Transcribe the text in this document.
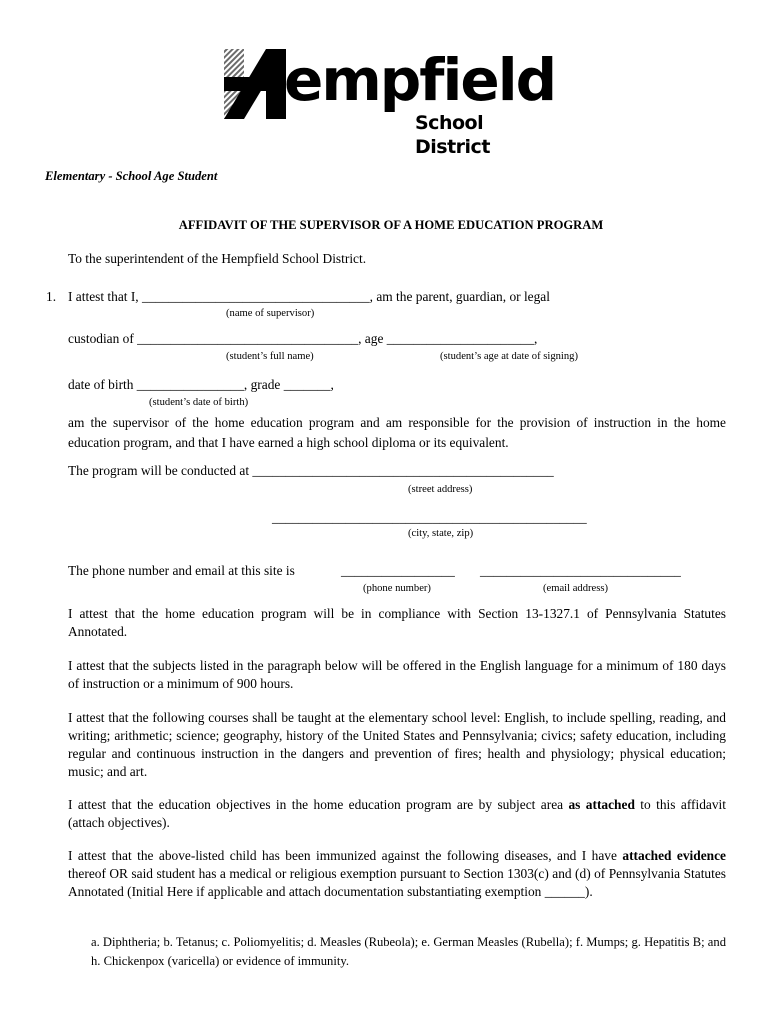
empfield
School District
Elementary - School Age Student
AFFIDAVIT OF THE SUPERVISOR OF A HOME EDUCATION PROGRAM
To the superintendent of the Hempfield School District.
1. I attest that I, __________________________________, am the parent, guardian, or legal
(name of supervisor)
custodian of _________________________________, age ______________________,
(student’s full name)	(student’s age at date of signing)
date of birth ________________, grade _______,
(student’s date of birth)
am the supervisor of the home education program and am responsible for the provision of instruction in the home education program, and that I have earned a high school diploma or its equivalent.
The program will be conducted at _____________________________________________
(street address)
_______________________________________________
(city, state, zip)
The phone number and email at this site is	_________________ ______________________________
(phone number)	(email address)
I attest that the home education program will be in compliance with Section 13-1327.1 of Pennsylvania Statutes Annotated.
I attest that the subjects listed in the paragraph below will be offered in the English language for a minimum of 180 days of instruction or a minimum of 900 hours.
I attest that the following courses shall be taught at the elementary school level: English, to include spelling, reading, and writing; arithmetic; science; geography, history of the United States and Pennsylvania; civics; safety education, including regular and continuous instruction in the dangers and prevention of fires; health and physiology; physical education; music; and art.
I attest that the education objectives in the home education program are by subject area as attached to this affidavit (attach objectives).
I attest that the above-listed child has been immunized against the following diseases, and I have attached evidence thereof OR said student has a medical or religious exemption pursuant to Section 1303(c) and (d) of Pennsylvania Statutes Annotated (Initial Here if applicable and attach documentation substantiating exemption ______).
a. Diphtheria; b. Tetanus; c. Poliomyelitis; d. Measles (Rubeola); e. German Measles (Rubella); f. Mumps; g. Hepatitis B; and h. Chickenpox (varicella) or evidence of immunity.
